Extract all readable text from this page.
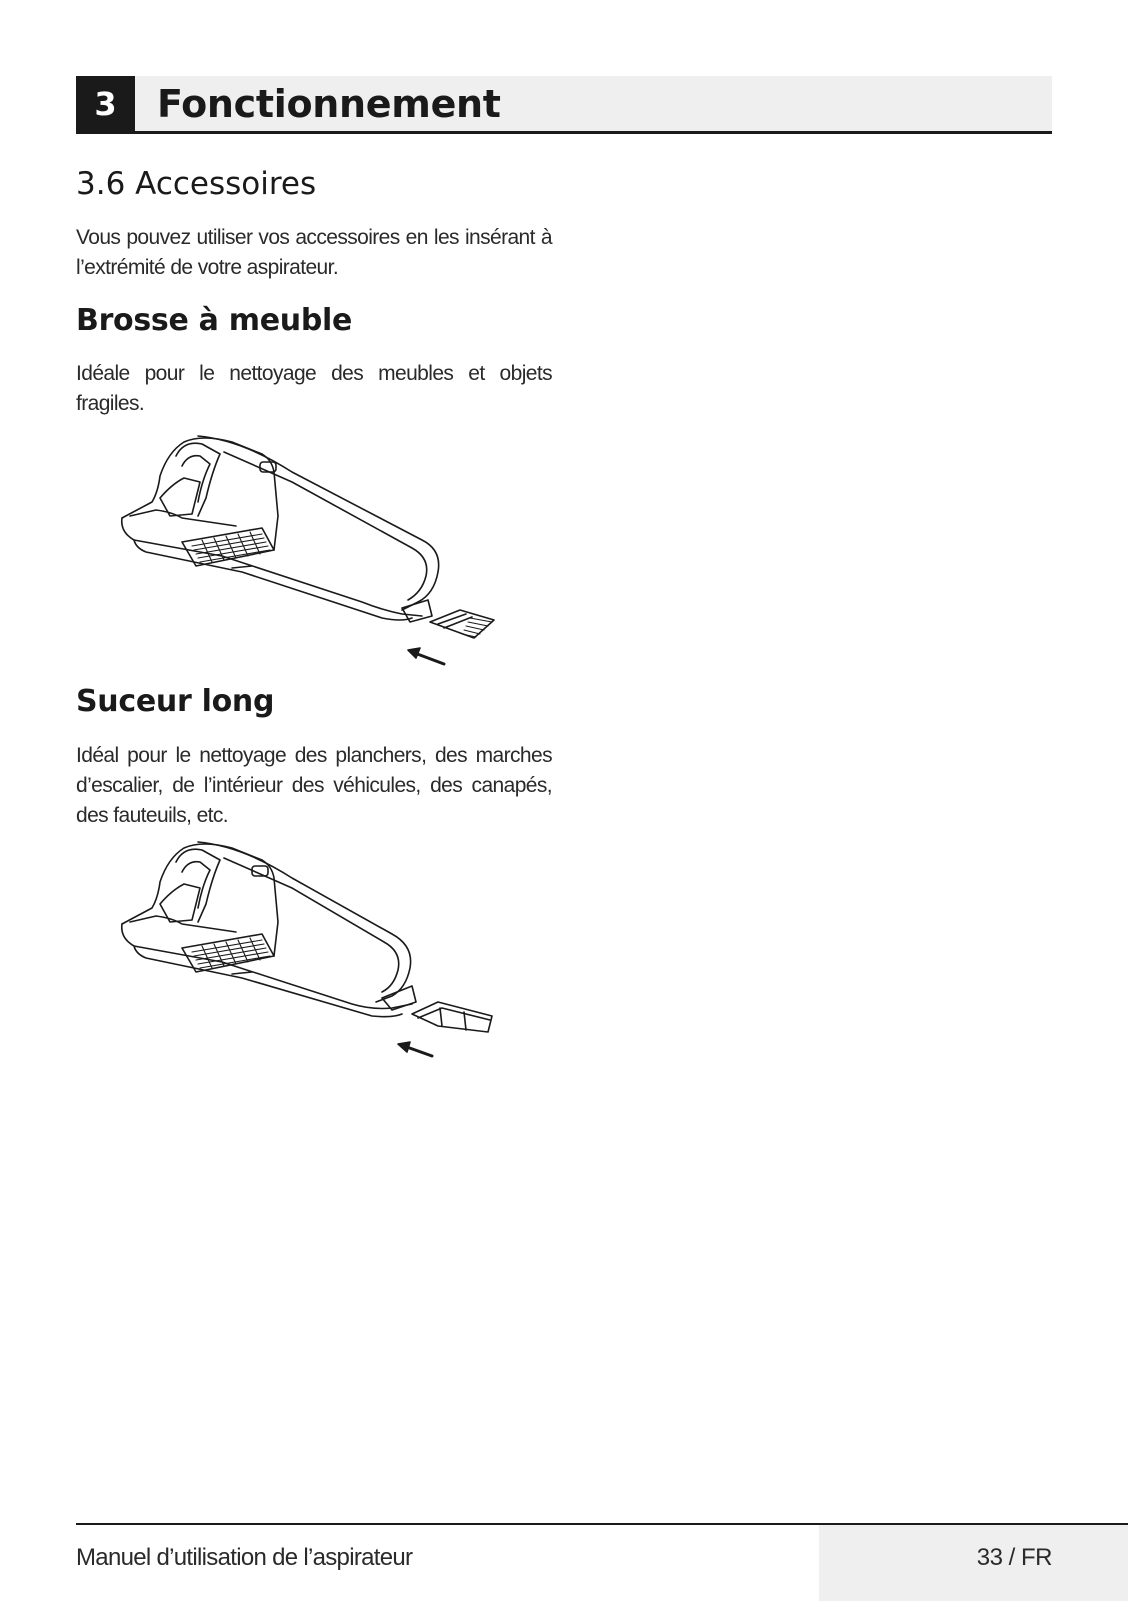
3	Fonctionnement
3.6 Accessoires
Vous pouvez utiliser vos accessoires en les insérant à l’extrémité de votre aspirateur.
Brosse à meuble
Idéale pour le nettoyage des meubles et objets fragiles.
Suceur long
Idéal pour le nettoyage des planchers, des marches d’escalier, de l’intérieur des véhicules, des canapés, des fauteuils, etc.
Manuel d’utilisation de l’aspirateur	33 / FR
